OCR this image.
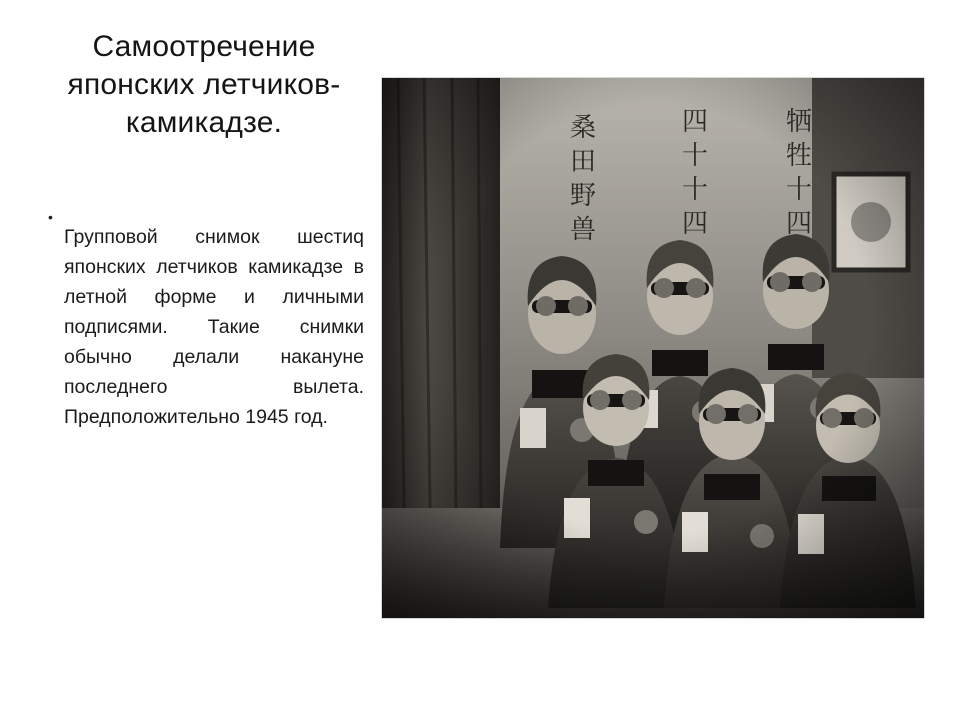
Самоотречение японских летчиков-камикадзе.
•

Групповой снимок шестиq японских летчиков камикадзе в летной форме и личными подписями. Такие снимки обычно делали накануне последнего вылета. Предположительно 1945 год.
